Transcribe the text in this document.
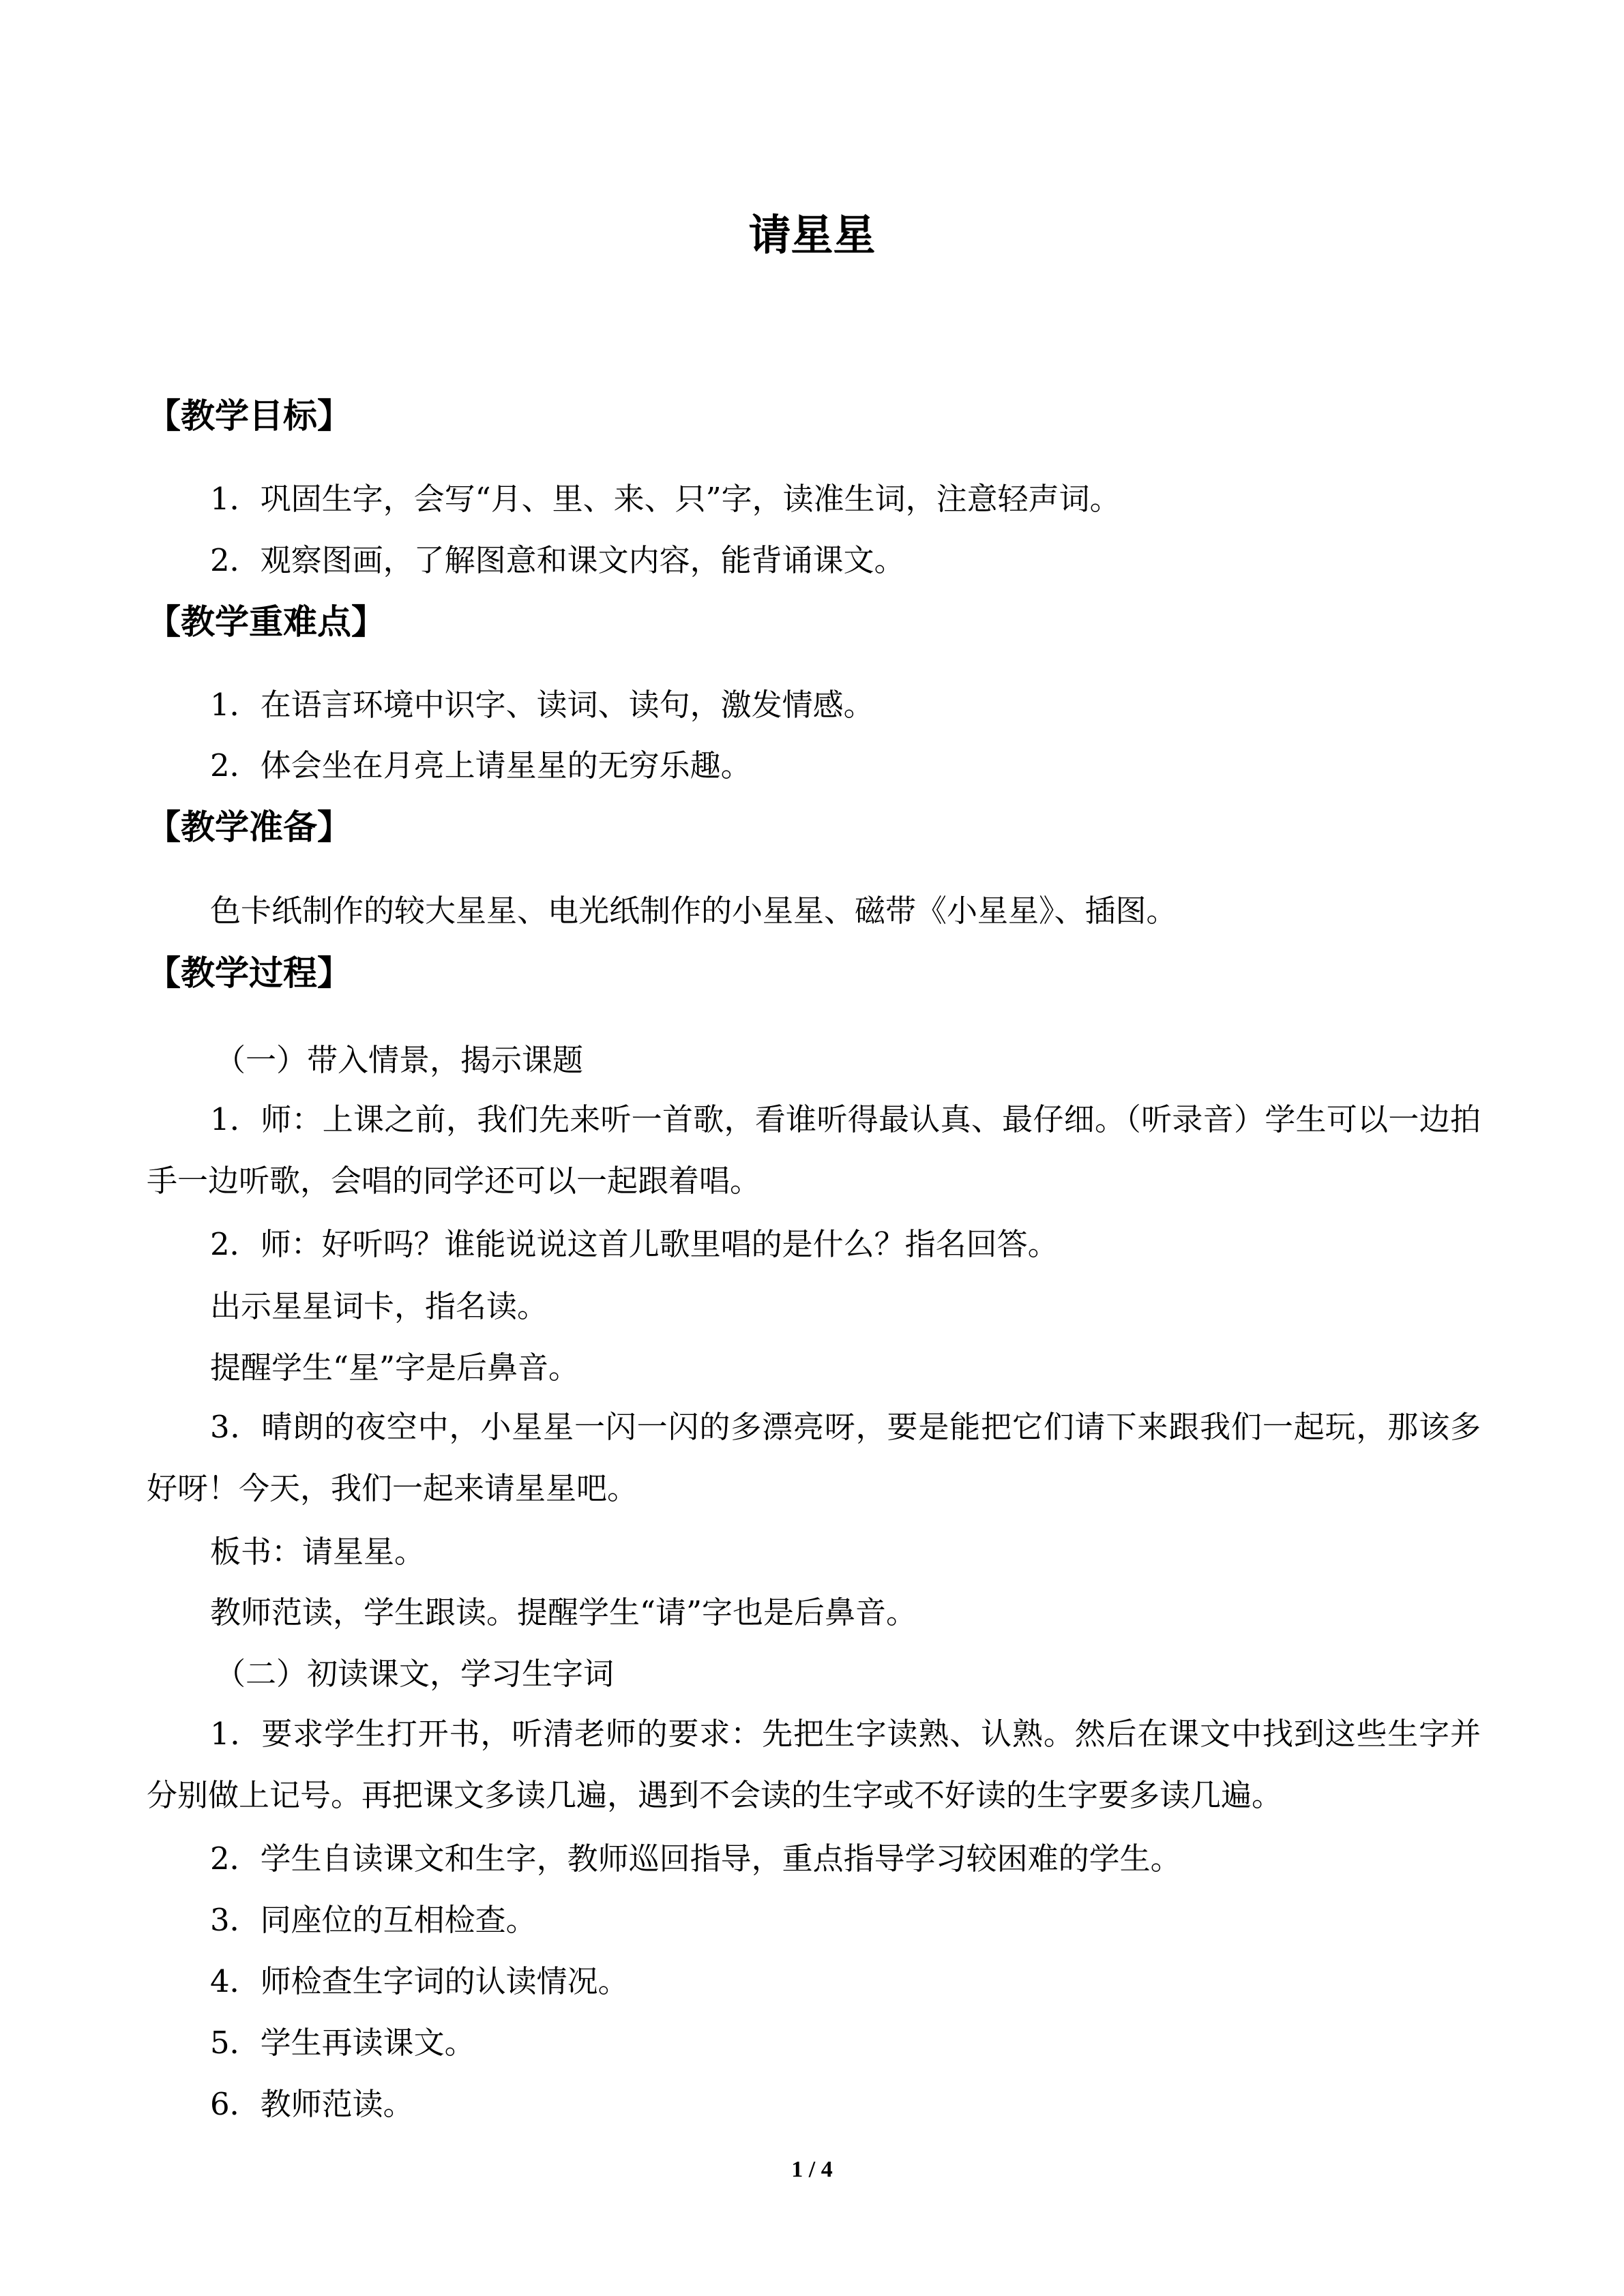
请星星
【教学目标】
1．巩固生字，会写“月、里、来、只”字，读准生词，注意轻声词。
2．观察图画，了解图意和课文内容，能背诵课文。
【教学重难点】
1．在语言环境中识字、读词、读句，激发情感。
2．体会坐在月亮上请星星的无穷乐趣。
【教学准备】
色卡纸制作的较大星星、电光纸制作的小星星、磁带《小星星》、插图。
【教学过程】
（一）带入情景，揭示课题
1．师：上课之前，我们先来听一首歌，看谁听得最认真、最仔细。（听录音）学生可以一边拍手一边听歌，会唱的同学还可以一起跟着唱。
2．师：好听吗？谁能说说这首儿歌里唱的是什么？指名回答。
出示星星词卡，指名读。
提醒学生“星”字是后鼻音。
3．晴朗的夜空中，小星星一闪一闪的多漂亮呀，要是能把它们请下来跟我们一起玩，那该多好呀！今天，我们一起来请星星吧。
板书：请星星。
教师范读，学生跟读。提醒学生“请”字也是后鼻音。
（二）初读课文，学习生字词
1．要求学生打开书，听清老师的要求：先把生字读熟、认熟。然后在课文中找到这些生字并分别做上记号。再把课文多读几遍，遇到不会读的生字或不好读的生字要多读几遍。
2．学生自读课文和生字，教师巡回指导，重点指导学习较困难的学生。
3．同座位的互相检查。
4．师检查生字词的认读情况。
5．学生再读课文。
6．教师范读。
1 / 4
